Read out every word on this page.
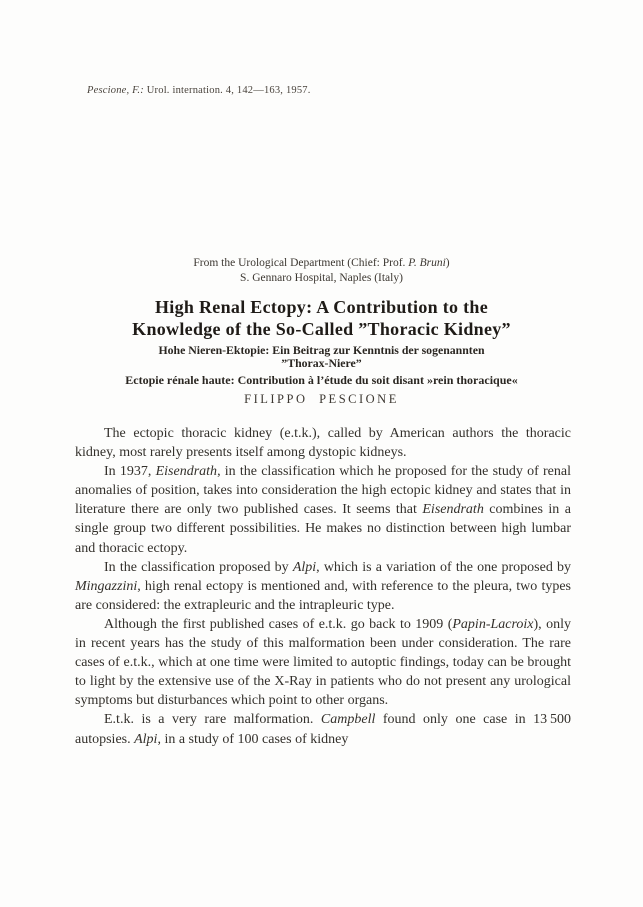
Pescione, F.: Urol. internation. 4, 142—163, 1957.
From the Urological Department (Chief: Prof. P. Bruni)
S. Gennaro Hospital, Naples (Italy)
High Renal Ectopy: A Contribution to the
Knowledge of the So-Called ”Thoracic Kidney”
Hohe Nieren-Ektopie: Ein Beitrag zur Kenntnis der sogenannten
”Thorax-Niere”
Ectopie rénale haute: Contribution à l’étude du soit disant »rein thoracique«
FILIPPO PESCIONE

The ectopic thoracic kidney (e.t.k.), called by American authors the thoracic kidney, most rarely presents itself among dystopic kidneys.

In 1937, Eisendrath, in the classification which he proposed for the study of renal anomalies of position, takes into consideration the high ectopic kidney and states that in literature there are only two published cases. It seems that Eisendrath combines in a single group two different possibilities. He makes no distinction between high lumbar and thoracic ectopy.

In the classification proposed by Alpi, which is a variation of the one proposed by Mingazzini, high renal ectopy is mentioned and, with reference to the pleura, two types are considered: the extrapleuric and the intrapleuric type.

Although the first published cases of e.t.k. go back to 1909 (Papin-Lacroix), only in recent years has the study of this malformation been under consideration. The rare cases of e.t.k., which at one time were limited to autoptic findings, today can be brought to light by the extensive use of the X-Ray in patients who do not present any urological symptoms but disturbances which point to other organs.

E.t.k. is a very rare malformation. Campbell found only one case in 13 500 autopsies. Alpi, in a study of 100 cases of kidney
